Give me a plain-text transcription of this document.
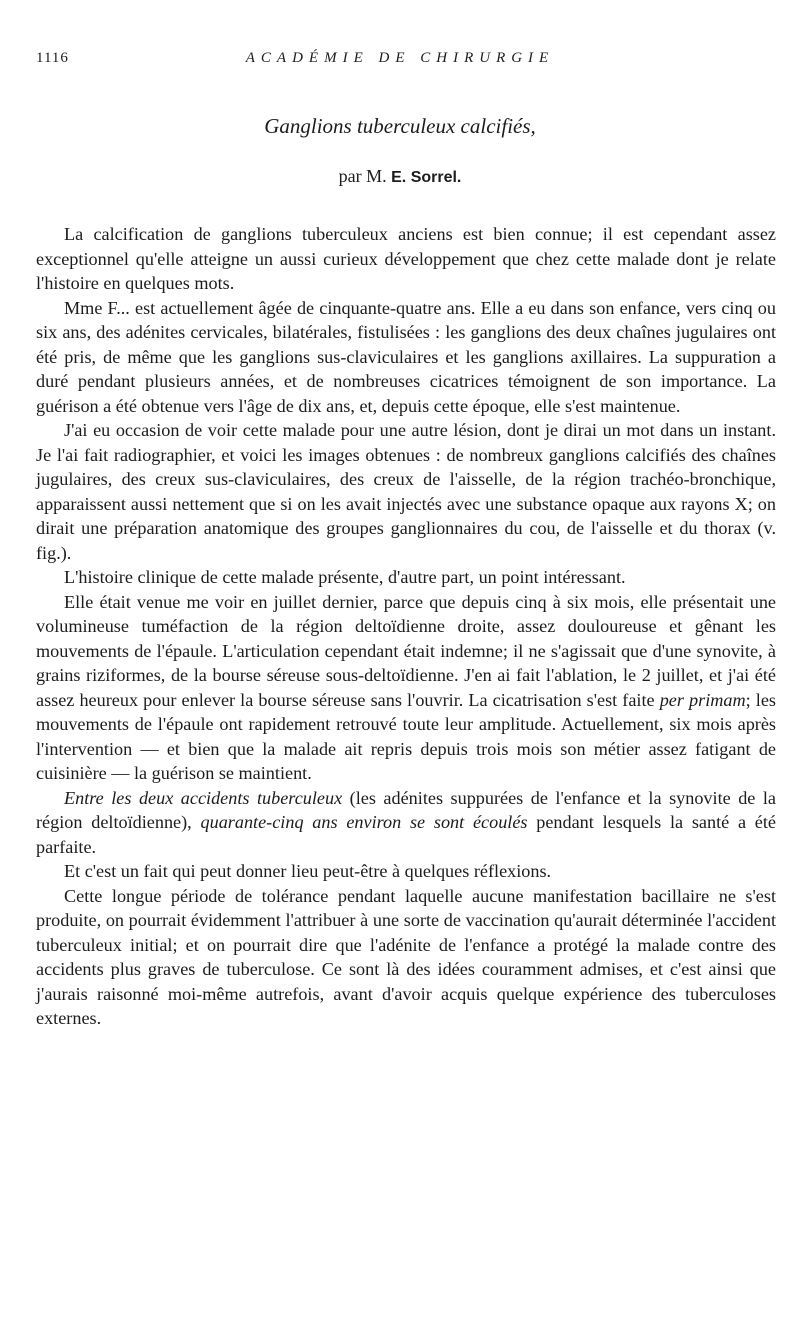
1116	ACADÉMIE DE CHIRURGIE
Ganglions tuberculeux calcifiés,
par M. E. Sorrel.

La calcification de ganglions tuberculeux anciens est bien connue; il est cependant assez exceptionnel qu'elle atteigne un aussi curieux développement que chez cette malade dont je relate l'histoire en quelques mots.

Mme F... est actuellement âgée de cinquante-quatre ans. Elle a eu dans son enfance, vers cinq ou six ans, des adénites cervicales, bilatérales, fistulisées : les ganglions des deux chaînes jugulaires ont été pris, de même que les ganglions sus-claviculaires et les ganglions axillaires. La suppuration a duré pendant plusieurs années, et de nombreuses cicatrices témoignent de son importance. La guérison a été obtenue vers l'âge de dix ans, et, depuis cette époque, elle s'est maintenue.

J'ai eu occasion de voir cette malade pour une autre lésion, dont je dirai un mot dans un instant. Je l'ai fait radiographier, et voici les images obtenues : de nombreux ganglions calcifiés des chaînes jugulaires, des creux sus-claviculaires, des creux de l'aisselle, de la région trachéo-bronchique, apparaissent aussi nettement que si on les avait injectés avec une substance opaque aux rayons X; on dirait une préparation anatomique des groupes ganglionnaires du cou, de l'aisselle et du thorax (v. fig.).

L'histoire clinique de cette malade présente, d'autre part, un point intéressant.

Elle était venue me voir en juillet dernier, parce que depuis cinq à six mois, elle présentait une volumineuse tuméfaction de la région deltoïdienne droite, assez douloureuse et gênant les mouvements de l'épaule. L'articulation cependant était indemne; il ne s'agissait que d'une synovite, à grains riziformes, de la bourse séreuse sous-deltoïdienne. J'en ai fait l'ablation, le 2 juillet, et j'ai été assez heureux pour enlever la bourse séreuse sans l'ouvrir. La cicatrisation s'est faite per primam; les mouvements de l'épaule ont rapidement retrouvé toute leur amplitude. Actuellement, six mois après l'intervention — et bien que la malade ait repris depuis trois mois son métier assez fatigant de cuisinière — la guérison se maintient.

Entre les deux accidents tuberculeux (les adénites suppurées de l'enfance et la synovite de la région deltoïdienne), quarante-cinq ans environ se sont écoulés pendant lesquels la santé a été parfaite.

Et c'est un fait qui peut donner lieu peut-être à quelques réflexions.

Cette longue période de tolérance pendant laquelle aucune manifestation bacillaire ne s'est produite, on pourrait évidemment l'attribuer à une sorte de vaccination qu'aurait déterminée l'accident tuberculeux initial; et on pourrait dire que l'adénite de l'enfance a protégé la malade contre des accidents plus graves de tuberculose. Ce sont là des idées couramment admises, et c'est ainsi que j'aurais raisonné moi-même autrefois, avant d'avoir acquis quelque expérience des tuberculoses externes.
